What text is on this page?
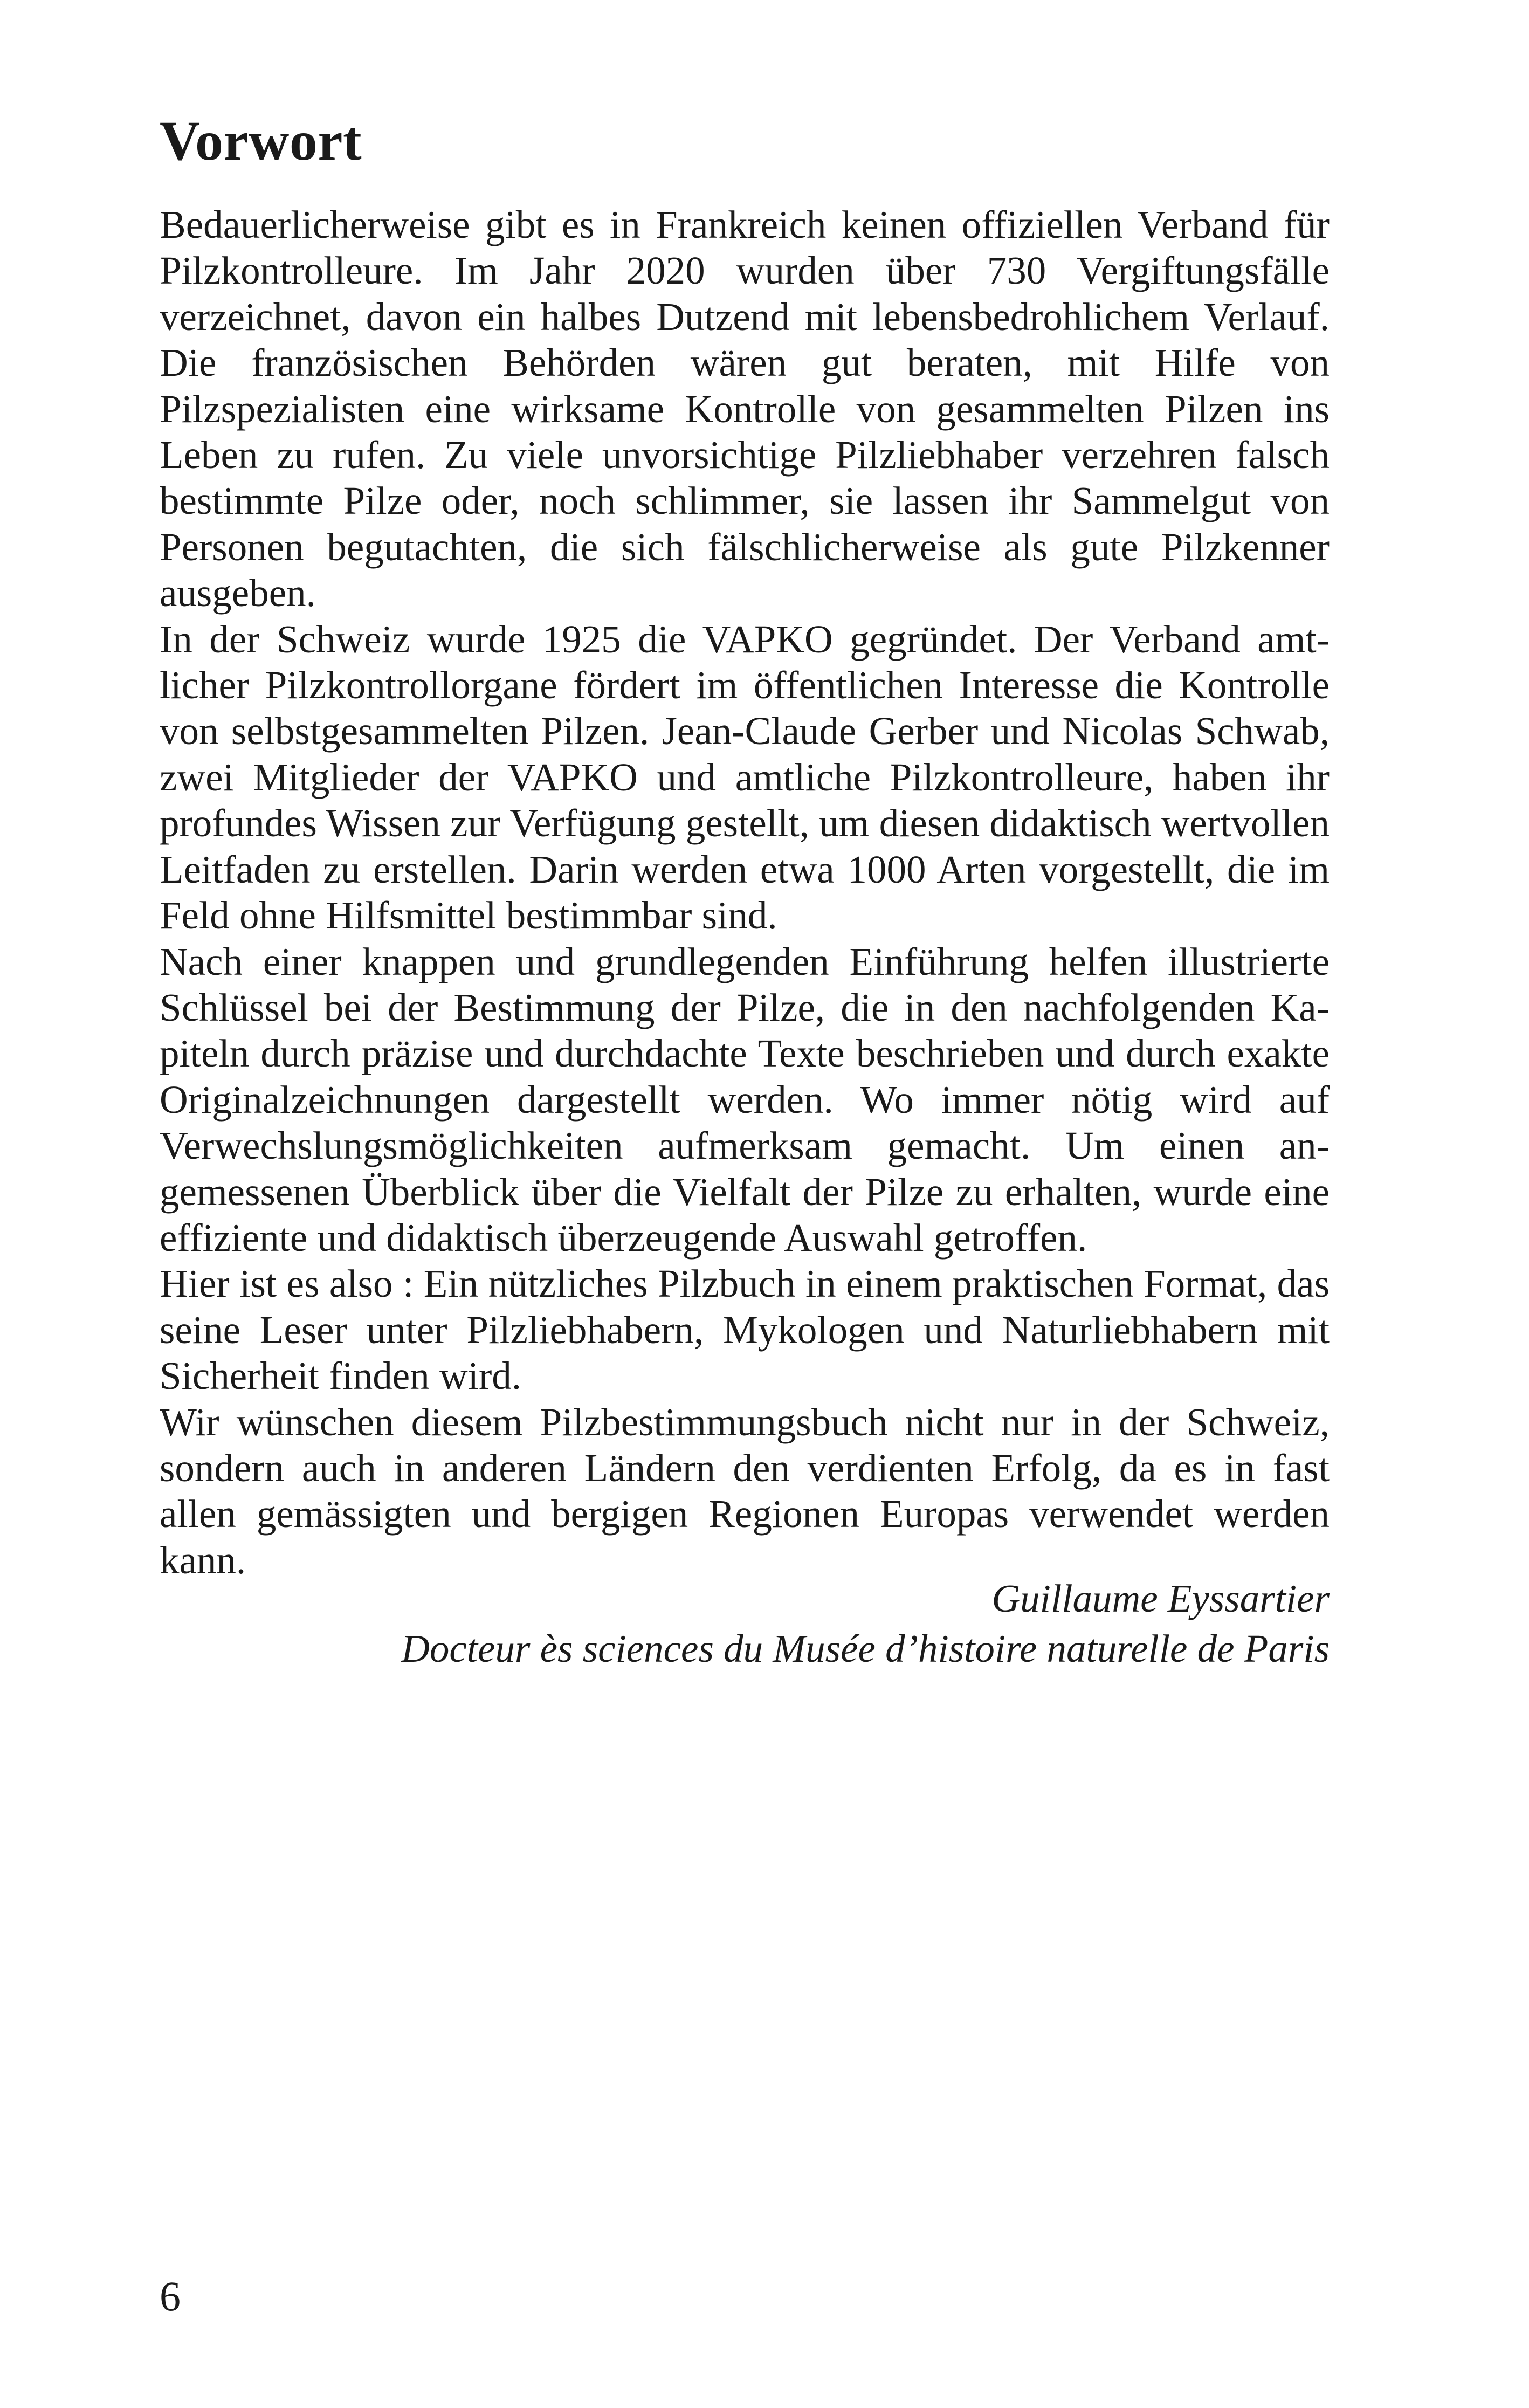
Vorwort

Bedauerlicherweise gibt es in Frankreich keinen offiziellen Verband für Pilzkontrolleure. Im Jahr 2020 wurden über 730 Vergiftungsfälle verzeichnet, davon ein halbes Dutzend mit lebensbedrohlichem Verlauf. Die französischen Behörden wären gut beraten, mit Hilfe von Pilzspezialisten eine wirksame Kontrolle von gesammelten Pilzen ins Leben zu rufen. Zu viele unvorsichtige Pilzliebhaber verzehren falsch bestimmte Pilze oder, noch schlimmer, sie lassen ihr Sammelgut von Personen begutachten, die sich fälschlicherweise als gute Pilzkenner ausgeben.

In der Schweiz wurde 1925 die VAPKO gegründet. Der Verband amtlicher Pilzkontrollorgane fördert im öffentlichen Interesse die Kontrolle von selbstgesammelten Pilzen. Jean-Claude Gerber und Nicolas Schwab, zwei Mitglieder der VAPKO und amtliche Pilzkontrolleure, haben ihr profundes Wissen zur Verfügung gestellt, um diesen didaktisch wertvollen Leitfaden zu erstellen. Darin werden etwa 1000 Arten vorgestellt, die im Feld ohne Hilfsmittel bestimmbar sind.

Nach einer knappen und grundlegenden Einführung helfen illustrierte Schlüssel bei der Bestimmung der Pilze, die in den nachfolgenden Kapiteln durch präzise und durchdachte Texte beschrieben und durch exakte Originalzeichnungen dargestellt werden. Wo immer nötig wird auf Verwechslungsmöglichkeiten aufmerksam gemacht. Um einen angemessenen Überblick über die Vielfalt der Pilze zu erhalten, wurde eine effiziente und didaktisch überzeugende Auswahl getroffen.

Hier ist es also : Ein nützliches Pilzbuch in einem praktischen Format, das seine Leser unter Pilzliebhabern, Mykologen und Naturliebhabern mit Sicherheit finden wird.

Wir wünschen diesem Pilzbestimmungsbuch nicht nur in der Schweiz, sondern auch in anderen Ländern den verdienten Erfolg, da es in fast allen gemässigten und bergigen Regionen Europas verwendet werden kann.

Guillaume Eyssartier
Docteur ès sciences du Musée d’histoire naturelle de Paris
6
